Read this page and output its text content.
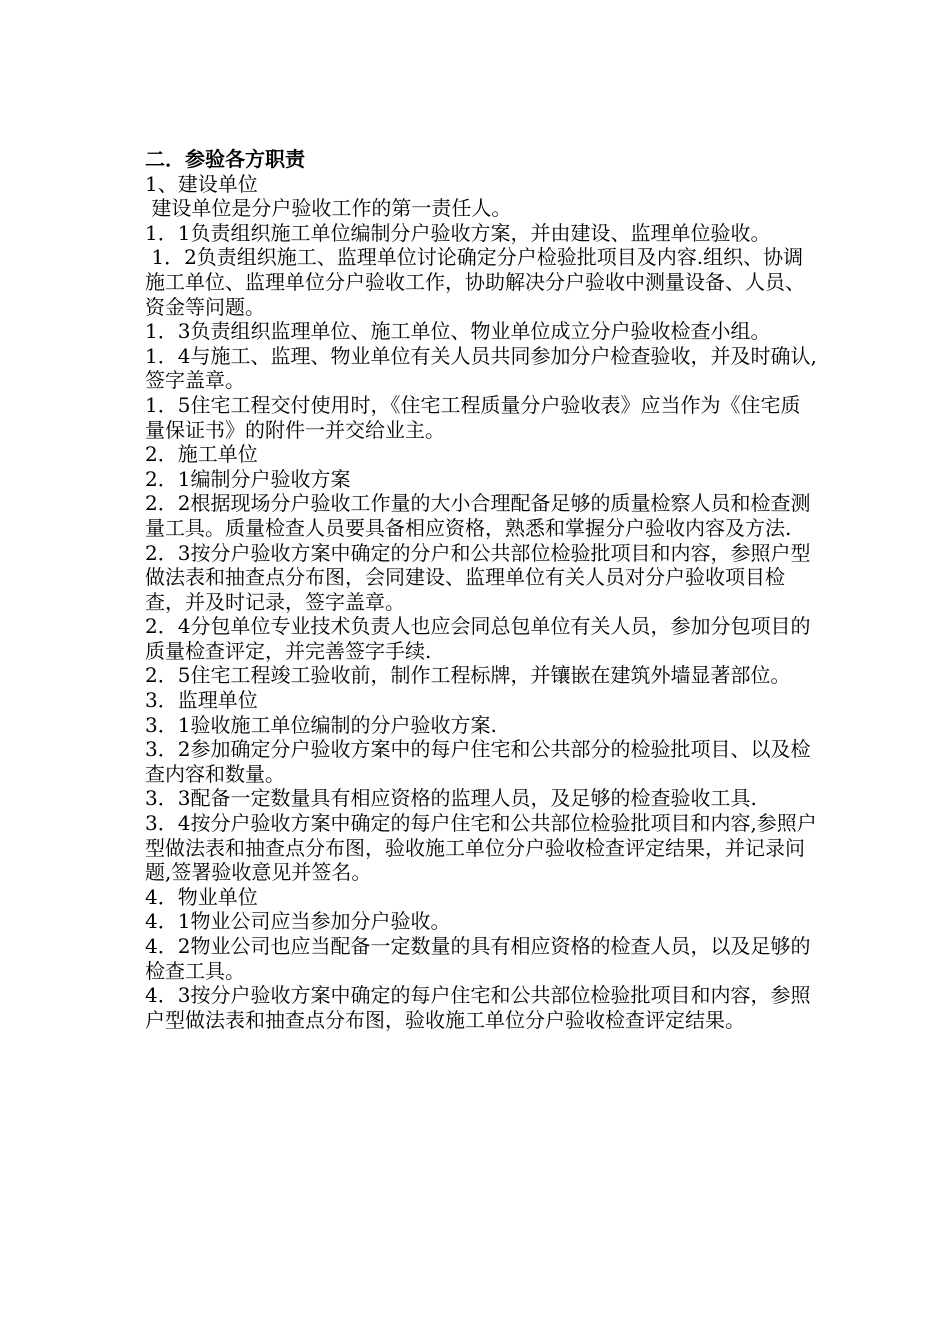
二．参验各方职责
1、建设单位
建设单位是分户验收工作的第一责任人。
1．1负责组织施工单位编制分户验收方案，并由建设、监理单位验收。
1．2负责组织施工、监理单位讨论确定分户检验批项目及内容.组织、协调施工单位、监理单位分户验收工作，协助解决分户验收中测量设备、人员、资金等问题。
1．3负责组织监理单位、施工单位、物业单位成立分户验收检查小组。
1．4与施工、监理、物业单位有关人员共同参加分户检查验收，并及时确认,签字盖章。
1．5住宅工程交付使用时，《住宅工程质量分户验收表》应当作为《住宅质量保证书》的附件一并交给业主。
2．施工单位
2．1编制分户验收方案
2．2根据现场分户验收工作量的大小合理配备足够的质量检察人员和检查测量工具。质量检查人员要具备相应资格，熟悉和掌握分户验收内容及方法.
2．3按分户验收方案中确定的分户和公共部位检验批项目和内容，参照户型做法表和抽查点分布图，会同建设、监理单位有关人员对分户验收项目检查，并及时记录，签字盖章。
2．4分包单位专业技术负责人也应会同总包单位有关人员，参加分包项目的质量检查评定，并完善签字手续.
2．5住宅工程竣工验收前，制作工程标牌，并镶嵌在建筑外墙显著部位。
3．监理单位
3．1验收施工单位编制的分户验收方案.
3．2参加确定分户验收方案中的每户住宅和公共部分的检验批项目、以及检查内容和数量。
3．3配备一定数量具有相应资格的监理人员，及足够的检查验收工具.
3．4按分户验收方案中确定的每户住宅和公共部位检验批项目和内容,参照户型做法表和抽查点分布图，验收施工单位分户验收检查评定结果，并记录问题,签署验收意见并签名。
4．物业单位
4．1物业公司应当参加分户验收。
4．2物业公司也应当配备一定数量的具有相应资格的检查人员，以及足够的检查工具。
4．3按分户验收方案中确定的每户住宅和公共部位检验批项目和内容，参照户型做法表和抽查点分布图，验收施工单位分户验收检查评定结果。
